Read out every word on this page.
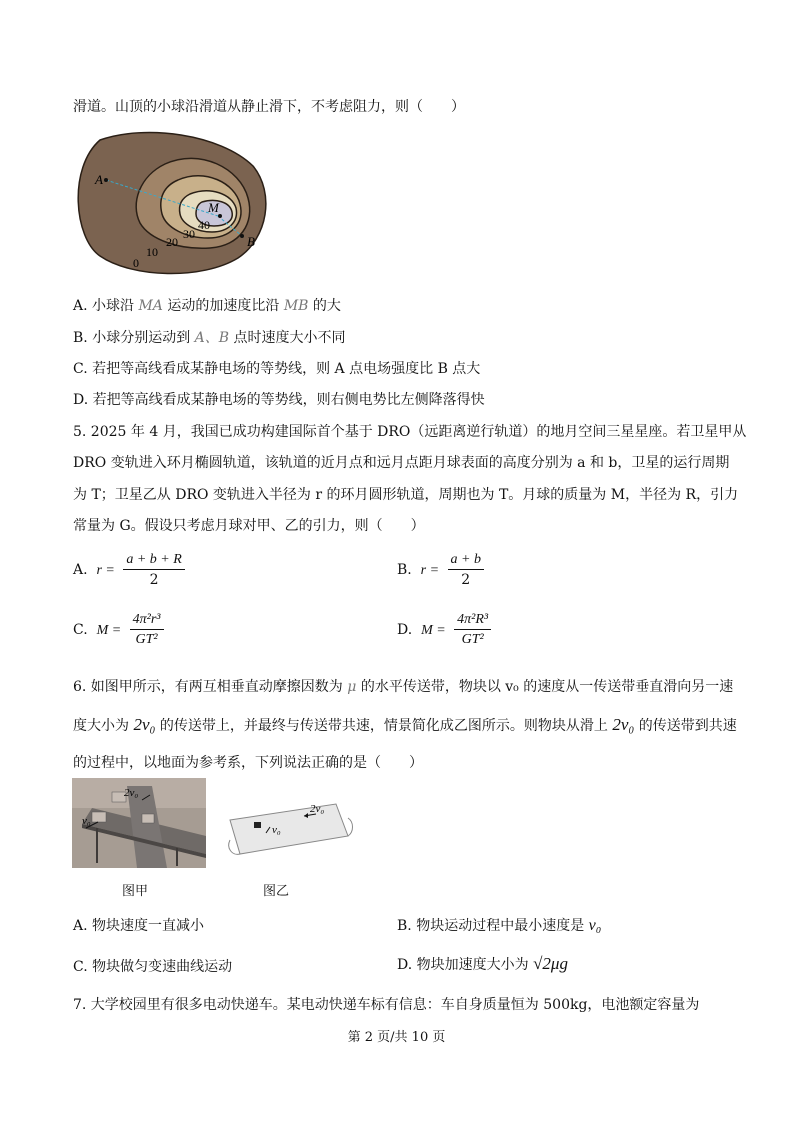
滑道。山顶的小球沿滑道从静止滑下，不考虑阻力，则（　　）
A
M
B
40
30
20
10
0
A. 小球沿 MA 运动的加速度比沿 MB 的大
B. 小球分别运动到 A、B 点时速度大小不同
C. 若把等高线看成某静电场的等势线，则 A 点电场强度比 B 点大
D. 若把等高线看成某静电场的等势线，则右侧电势比左侧降落得快
5. 2025 年 4 月，我国已成功构建国际首个基于 DRO（远距离逆行轨道）的地月空间三星星座。若卫星甲从
DRO 变轨进入环月椭圆轨道，该轨道的近月点和远月点距月球表面的高度分别为 a 和 b，卫星的运行周期
为 T；卫星乙从 DRO 变轨进入半径为 r 的环月圆形轨道，周期也为 T。月球的质量为 M，半径为 R，引力
常量为 G。假设只考虑月球对甲、乙的引力，则（　　）
A. $r = \frac{a + b + R}{2}$	B. $r = \frac{a + b}{2}$
C. $M = \frac{\text{4π²r³}}{\text{GT²}}$	D. $M = \frac{\text{4π²R³}}{\text{GT²}}$
6. 如图甲所示，有两互相垂直动摩擦因数为 μ 的水平传送带，物块以 v₀ 的速度从一传送带垂直滑向另一速
度大小为 2v₀ 的传送带上，并最终与传送带共速，情景简化成乙图所示。则物块从滑上 2v₀ 的传送带到共速
的过程中，以地面为参考系，下列说法正确的是（　　）
2v₀
v₀
2v₀
v₀
图甲	图乙
A. 物块速度一直减小	B. 物块运动过程中最小速度是 v₀
C. 物块做匀变速曲线运动	D. 物块加速度大小为 √2μg
7. 大学校园里有很多电动快递车。某电动快递车标有信息：车自身质量恒为 500kg，电池额定容量为
第 2 页/共 10 页
